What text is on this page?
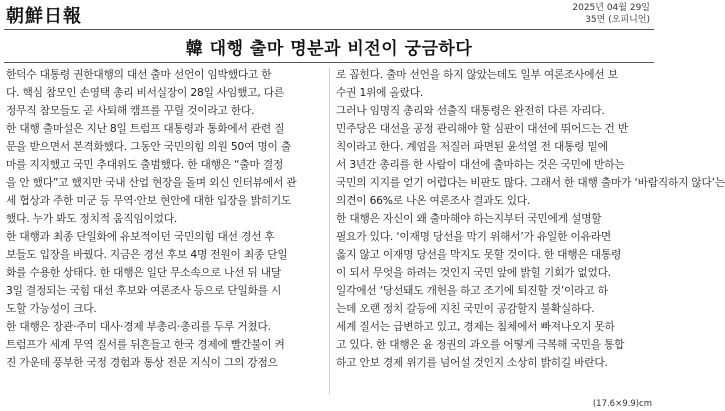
朝鮮日報	2025년 04월 29일
35면 (오피니언)
韓 대행 출마 명분과 비전이 궁금하다
한덕수 대통령 권한대행의 대선 출마 선언이 임박했다고 한
다. 핵심 참모인 손영택 총리 비서실장이 28일 사임했고, 다른
정무직 참모들도 곧 사퇴해 캠프를 꾸릴 것이라고 한다.
한 대행 출마설은 지난 8일 트럼프 대통령과 통화에서 관련 질
문을 받으면서 본격화했다. 그동안 국민의힘 의원 50여 명이 출
마를 지지했고 국민 추대위도 출범했다. 한 대행은 “출마 결정
을 안 했다”고 했지만 국내 산업 현장을 돌며 외신 인터뷰에서 관
세 협상과 주한 미군 등 무역·안보 현안에 대한 입장을 밝히기도
했다. 누가 봐도 정치적 움직임이었다.
한 대행과 최종 단일화에 유보적이던 국민의힘 대선 경선 후
보들도 입장을 바꿨다. 지금은 경선 후보 4명 전원이 최종 단일
화를 수용한 상태다. 한 대행은 일단 무소속으로 나선 뒤 내달
3일 결정되는 국힘 대선 후보와 여론조사 등으로 단일화를 시
도할 가능성이 크다.
한 대행은 장관·주미 대사·경제 부총리·총리를 두루 거쳤다.
트럼프가 세계 무역 질서를 뒤흔들고 한국 경제에 빨간불이 켜
진 가운데 풍부한 국정 경험과 통상 전문 지식이 그의 강점으
로 꼽힌다. 출마 선언을 하지 않았는데도 일부 여론조사에선 보
수권 1위에 올랐다.
그러나 임명직 총리와 선출직 대통령은 완전히 다른 자리다.
민주당은 대선을 공정 관리해야 할 심판이 대선에 뛰어드는 건 반
칙이라고 한다. 계엄을 저질러 파면된 윤석열 전 대통령 밑에
서 3년간 총리를 한 사람이 대선에 출마하는 것은 국민에 반하는
국민의 지지를 얻기 어렵다는 비판도 많다. 그래서 한 대행 출마가 ‘바람직하지 않다’는
의견이 66%로 나온 여론조사 결과도 있다.
한 대행은 자신이 왜 출마해야 하는지부터 국민에게 설명할
필요가 있다. ‘이재명 당선을 막기 위해서’가 유일한 이유라면
옳지 않고 이재명 당선을 막지도 못할 것이다. 한 대행은 대통령
이 되서 무엇을 하려는 것인지 국민 앞에 밝힐 기회가 없었다.
일각에선 ‘당선돼도 개헌을 하고 조기에 퇴진할 것’이라고 하
는데 오랜 정치 갈등에 지친 국민이 공감할지 불확실하다.
세계 질서는 급변하고 있고, 경제는 침체에서 빠져나오지 못하
고 있다. 한 대행은 윤 정권의 과오를 어떻게 극복해 국민을 통합
하고 안보 경제 위기를 넘어설 것인지 소상히 밝히길 바란다.
(17.6×9.9)cm
